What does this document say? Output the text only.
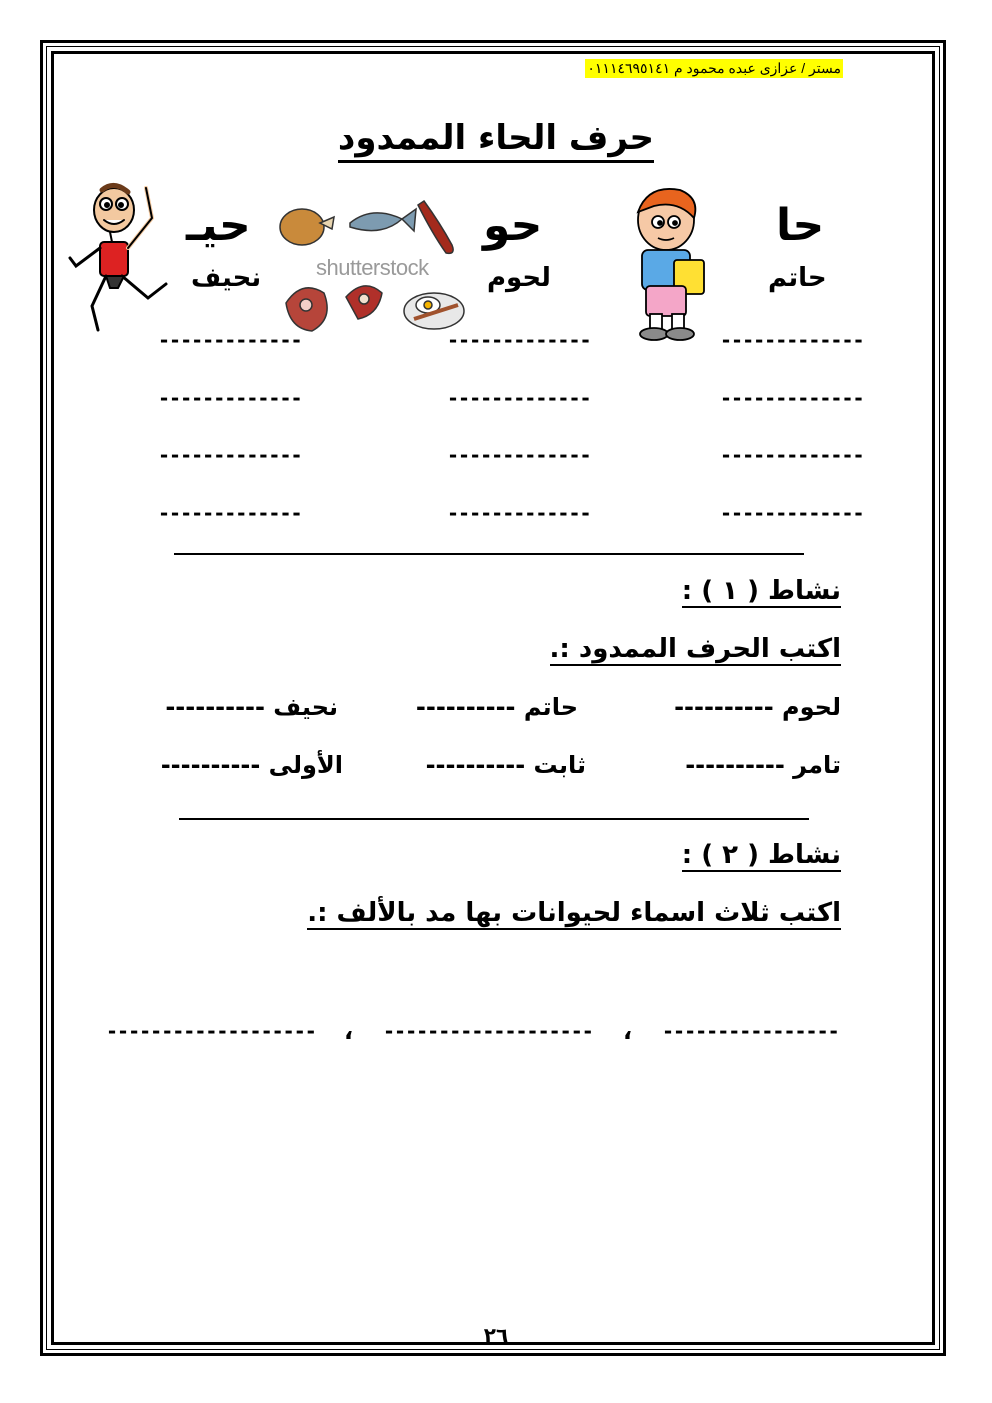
مستر / عزازى عبده محمود م ٠١١١٤٦٩٥١٤١
حرف الحاء الممدود
shutterstock
حا
حو
حيـ
حاتم
لحوم
نحيف
-------------
-------------
-------------
-------------
-------------
-------------
-------------
-------------
-------------
-------------
-------------
-------------
نشاط ( ١ ) :
اكتب الحرف الممدود :.
لحوم ----------
حاتم ----------
نحيف ----------
تامر ----------
ثابت ----------
الأولى ----------
نشاط ( ٢ ) :
اكتب ثلاث اسماء لحيوانات بها مد بالألف :.
----------------
،
-------------------
،
-------------------
٢٦
